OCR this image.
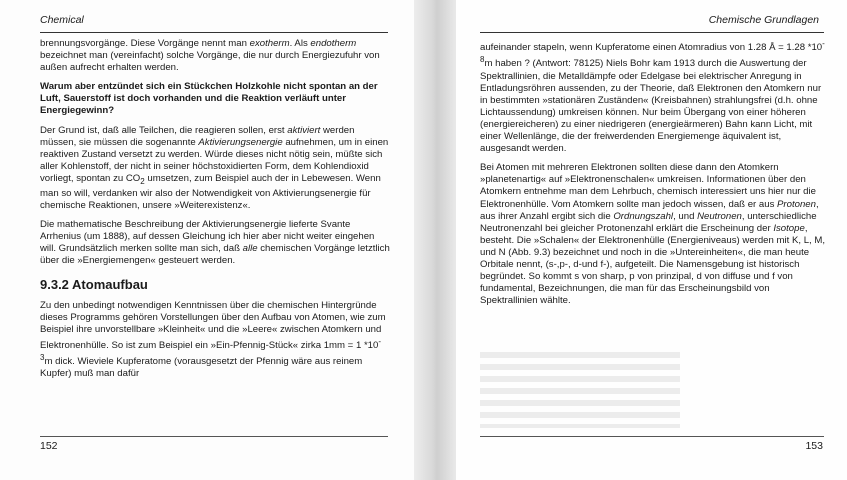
Chemical

brennungsvorgänge. Diese Vorgänge nennt man exotherm. Als endotherm bezeichnet man (vereinfacht) solche Vorgänge, die nur durch Energiezufuhr von außen aufrecht erhalten werden.

Warum aber entzündet sich ein Stückchen Holzkohle nicht spontan an der Luft, Sauerstoff ist doch vorhanden und die Reaktion verläuft unter Energiegewinn?

Der Grund ist, daß alle Teilchen, die reagieren sollen, erst aktiviert werden müssen, sie müssen die sogenannte Aktivierungsenergie aufnehmen, um in einen reaktiven Zustand versetzt zu werden. Würde dieses nicht nötig sein, müßte sich aller Kohlenstoff, der nicht in seiner höchstoxidierten Form, dem Kohlendioxid vorliegt, spontan zu $CO_2$ umsetzen, zum Beispiel auch der in Lebewesen. Wenn man so will, verdanken wir also der Notwendigkeit von Aktivierungsenergie für chemische Reaktionen, unsere »Weiterexistenz«.

Die mathematische Beschreibung der Aktivierungsenergie lieferte Svante Arrhenius (um 1888), auf dessen Gleichung ich hier aber nicht weiter eingehen will. Grundsätzlich merken sollte man sich, daß alle chemischen Vorgänge letztlich über die »Energiemengen« gesteuert werden.

9.3.2 Atomaufbau

Zu den unbedingt notwendigen Kenntnissen über die chemischen Hintergründe dieses Programms gehören Vorstellungen über den Aufbau von Atomen, wie zum Beispiel ihre unvorstellbare »Kleinheit« und die »Leere« zwischen Atomkern und Elektronenhülle. So ist zum Beispiel ein »Ein-Pfennig-Stück« zirka 1mm = 1 $*10^{-3}m$ dick. Wieviele Kupferatome (vorausgesetzt der Pfennig wäre aus reinem Kupfer) muß man dafür

152
Chemische Grundlagen

aufeinander stapeln, wenn Kupferatome einen Atomradius von 1.28 Å = 1.28 $*10^{-8}m$ haben ? (Antwort: 78125) Niels Bohr kam 1913 durch die Auswertung der Spektrallinien, die Metalldämpfe oder Edelgase bei elektrischer Anregung in Entladungsröhren aussenden, zu der Theorie, daß Elektronen den Atomkern nur in bestimmten »stationären Zuständen« (Kreisbahnen) strahlungsfrei (d.h. ohne Lichtaussendung) umkreisen können. Nur beim Übergang von einer höheren (energiereicheren) zu einer niedrigeren (energieärmeren) Bahn kann Licht, mit einer Wellenlänge, die der freiwerdenden Energiemenge äquivalent ist, ausgesandt werden.

Bei Atomen mit mehreren Elektronen sollten diese dann den Atomkern »planetenartig« auf »Elektronenschalen« umkreisen. Informationen über den Atomkern entnehme man dem Lehrbuch, chemisch interessiert uns hier nur die Elektronenhülle. Vom Atomkern sollte man jedoch wissen, daß er aus Protonen, aus ihrer Anzahl ergibt sich die Ordnungszahl, und Neutronen, unterschiedliche Neutronenzahl bei gleicher Protonenzahl erklärt die Erscheinung der Isotope, besteht. Die »Schalen« der Elektronenhülle (Energieniveaus) werden mit K, L, M, und N (Abb. 9.3) bezeichnet und noch in die »Untereinheiten«, die man heute Orbitale nennt, (s-,p-, d-und f-), aufgeteilt. Die Namensgebung ist historisch begründet. So kommt s von sharp, p von prinzipal, d von diffuse und f von fundamental, Bezeichnungen, die man für das Erscheinungsbild von Spektrallinien wählte.

153
